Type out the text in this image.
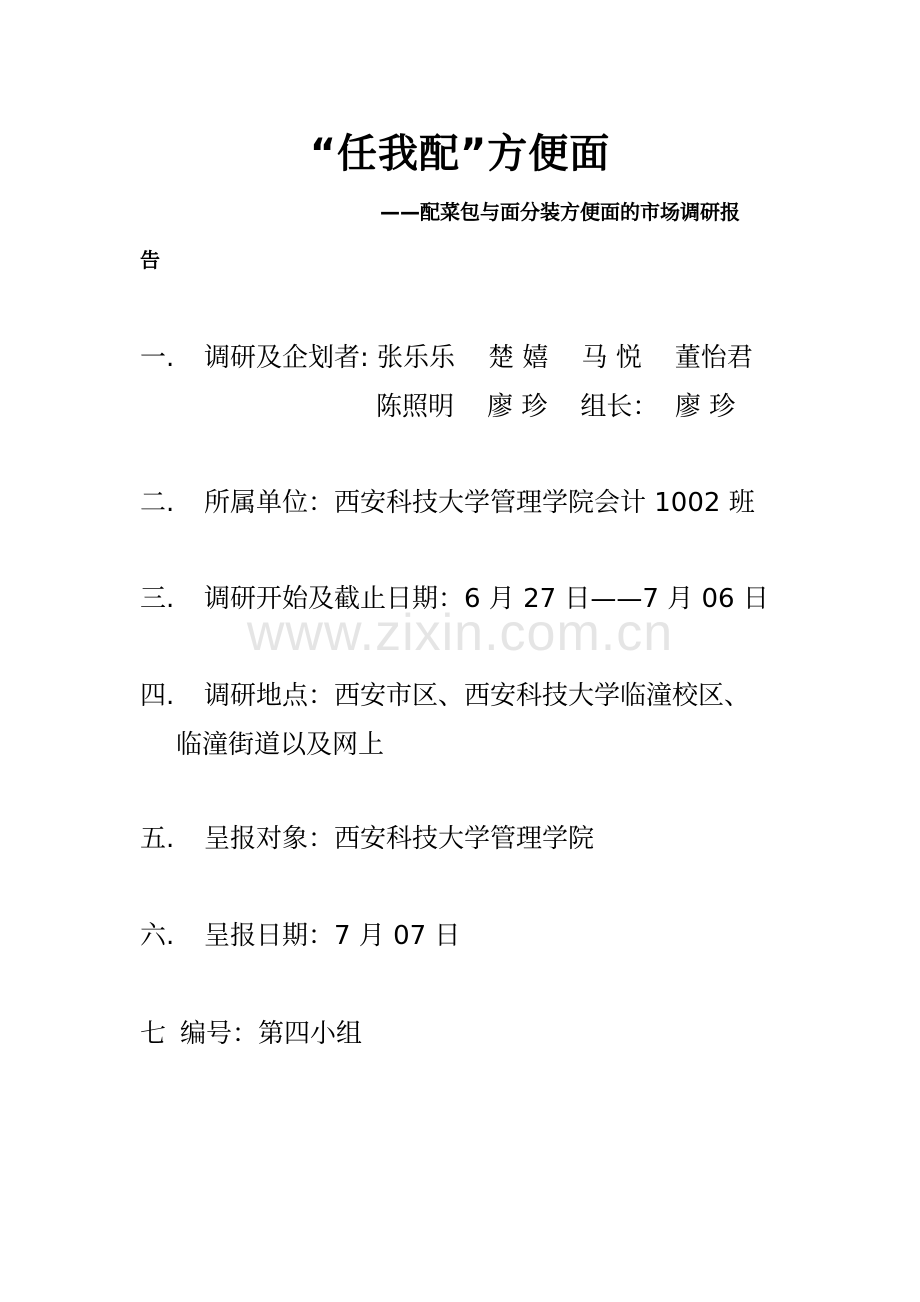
“任我配”方便面
——配菜包与面分装方便面的市场调研报
告
一. 调研及企划者: 张乐乐 楚 嬉 马 悦 董怡君
陈照明 廖 珍 组长： 廖 珍
二. 所属单位：西安科技大学管理学院会计 1002 班
三. 调研开始及截止日期：6 月 27 日——7 月 06 日
www.zixin.com.cn
四. 调研地点：西安市区、西安科技大学临潼校区、
临潼街道以及网上
五. 呈报对象：西安科技大学管理学院
六. 呈报日期：7 月 07 日
七 编号：第四小组
